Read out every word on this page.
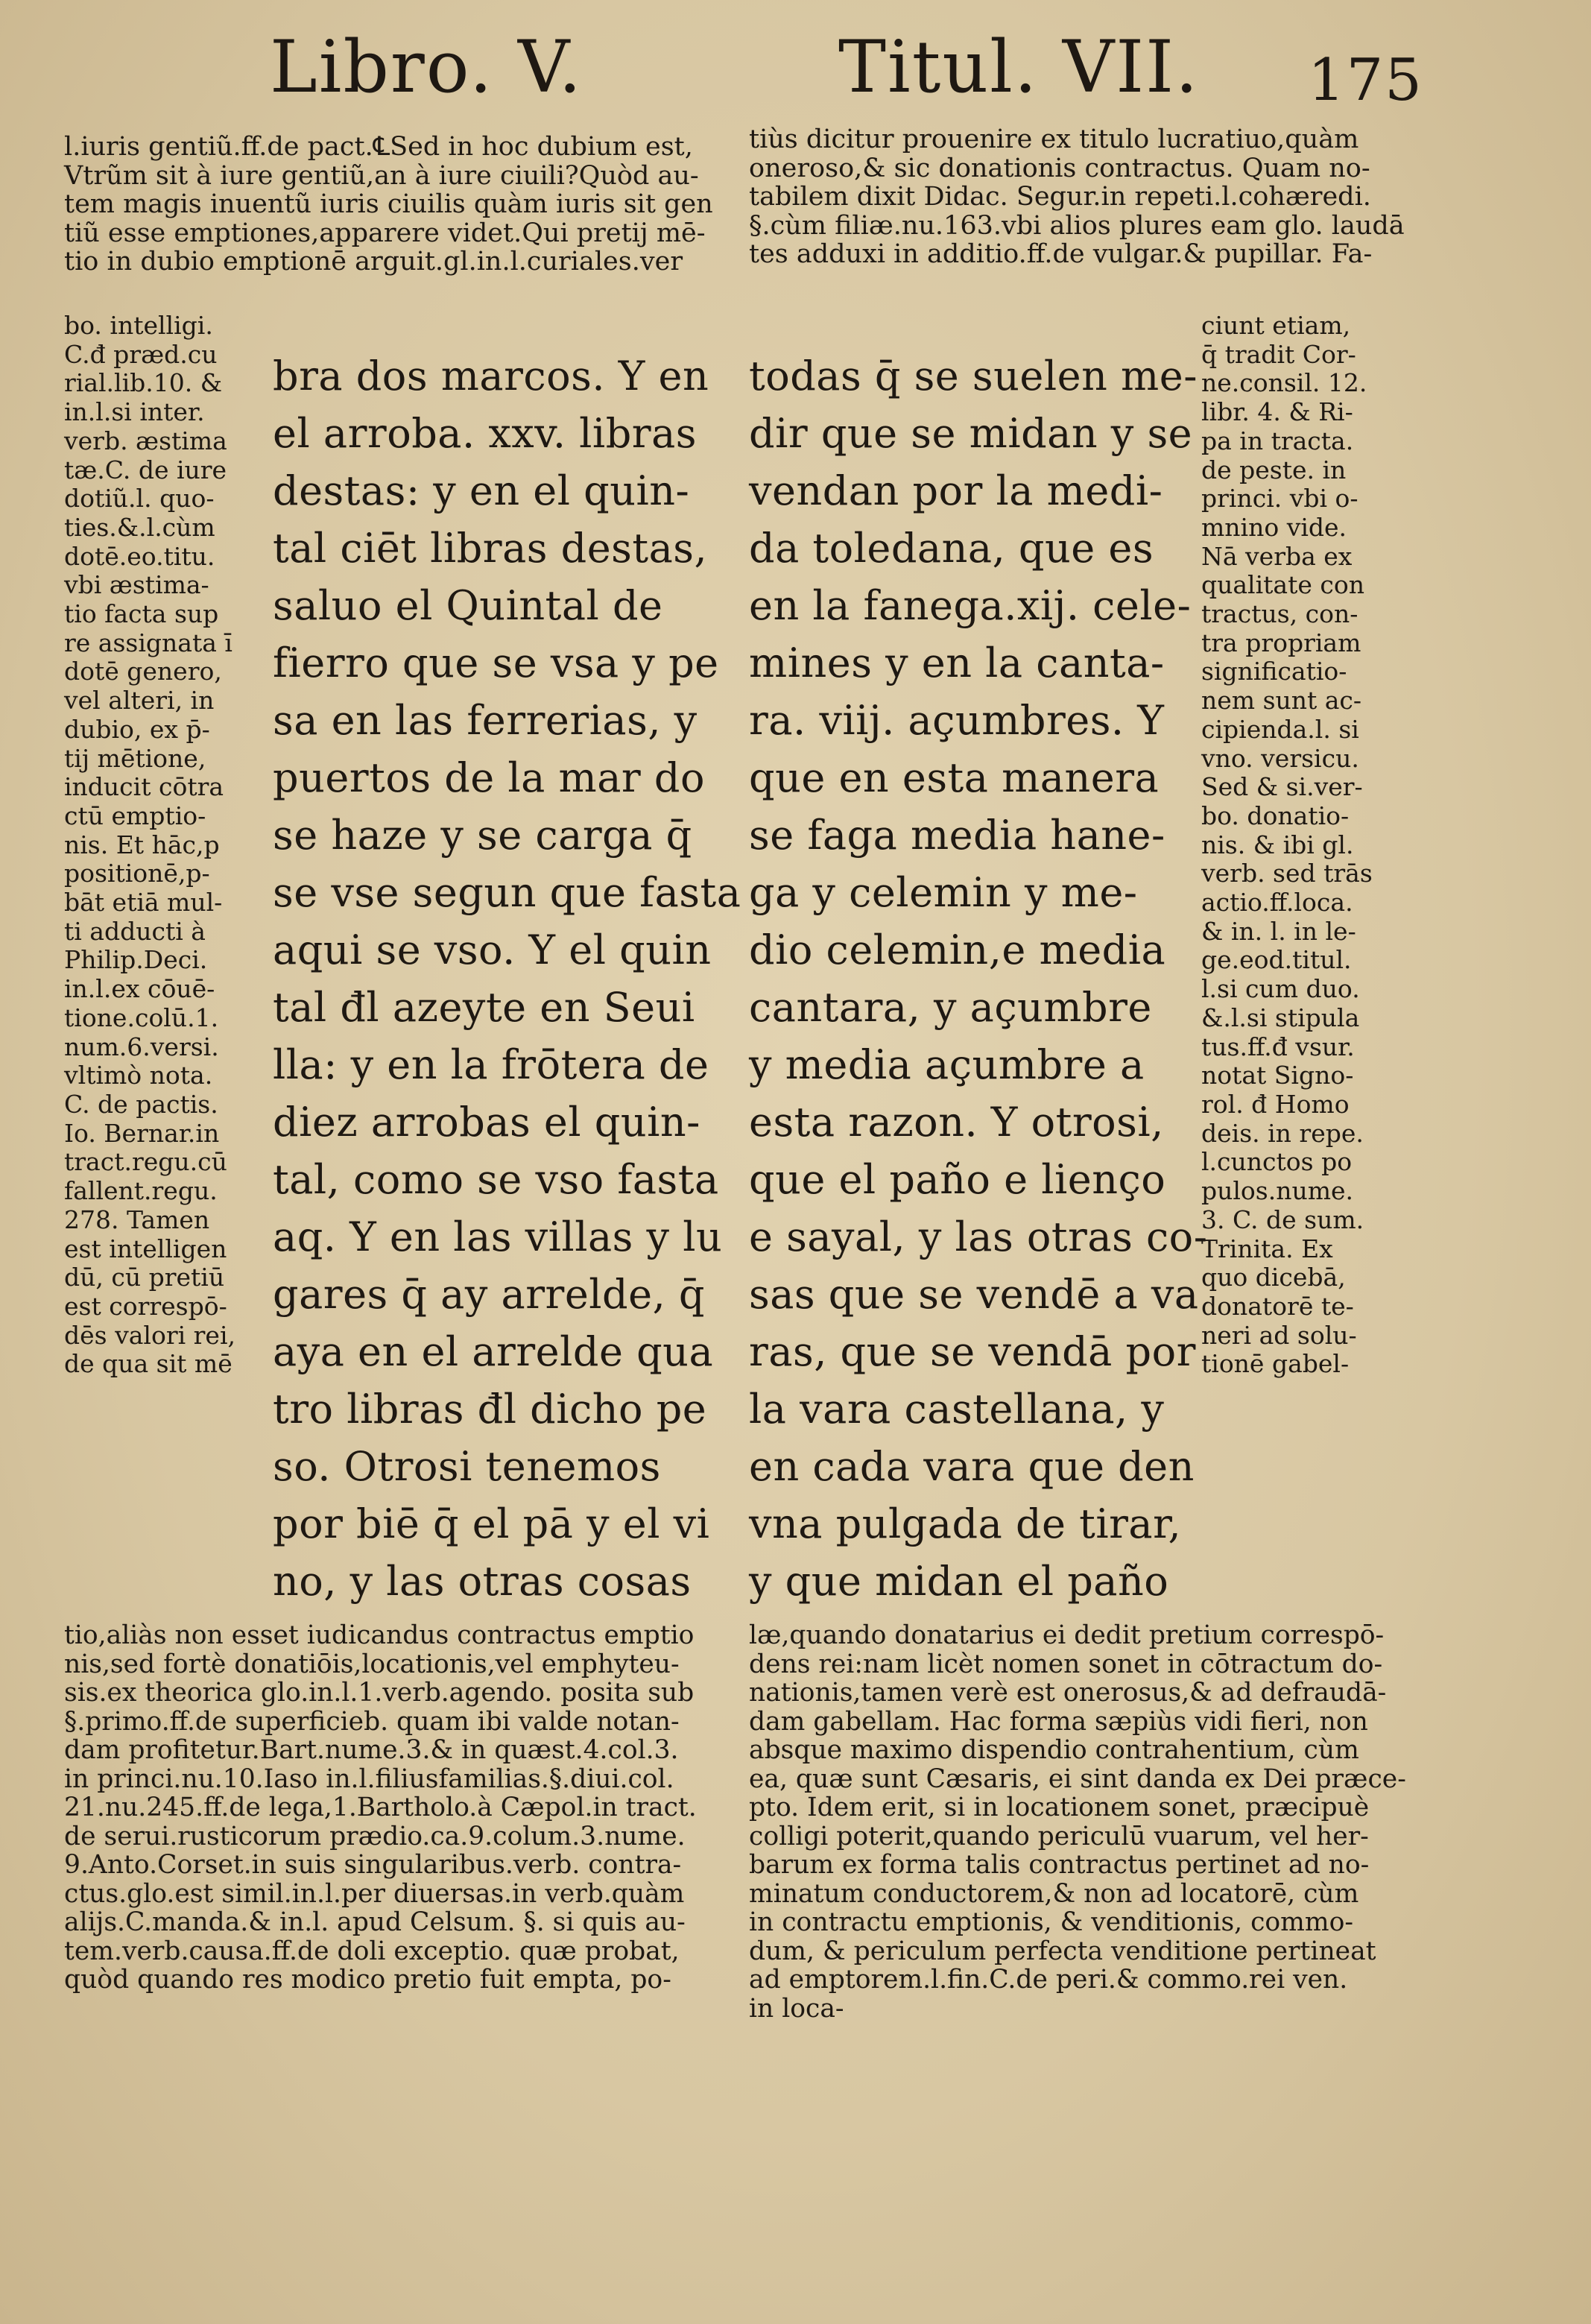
Libro. V.	Titul. VII. 175
l.iuris gentiũ.ff.de pact.℄Sed in hoc dubium est,
Vtrũm sit à iure gentiũ,an à iure ciuili?Quòd au-
tem magis inuentũ iuris ciuilis quàm iuris sit gen
tiũ esse emptiones,apparere videt.Qui pretij mē-
tio in dubio emptionē arguit.gl.in.l.curiales.ver
tiùs dicitur prouenire ex titulo lucratiuo,quàm
oneroso,& sic donationis contractus. Quam no-
tabilem dixit Didac. Segur.in repeti.l.cohæredi.
§.cùm filiæ.nu.163.vbi alios plures eam glo. laudā
tes adduxi in additio.ff.de vulgar.& pupillar. Fa-
bo. intelligi.
C.đ præd.cu
rial.lib.10. &
in.l.si inter.
verb. æstima
tæ.C. de iure
dotiũ.l. quo-
ties.&.l.cùm
dotē.eo.titu.
vbi æstima-
tio facta sup
re assignata ī
dotē genero,
vel alteri, in
dubio, ex p̄-
tij mētione,
inducit cōtra
ctū emptio-
nis. Et hāc,p
positionē,p-
bāt etiā mul-
ti adducti à
Philip.Deci.
in.l.ex cōuē-
tione.colū.1.
num.6.versi.
vltimò nota.
C. de pactis.
Io. Bernar.in
tract.regu.cū
fallent.regu.
278. Tamen
est intelligen
dū, cū pretiū
est correspō-
dēs valori rei,
de qua sit mē
bra dos marcos. Y en
el arroba. xxv. libras
destas: y en el quin-
tal ciēt libras destas,
saluo el Quintal de
fierro que se vsa y pe
sa en las ferrerias, y
puertos de la mar do
se haze y se carga q̄
se vse segun que fasta
aqui se vso. Y el quin
tal đl azeyte en Seui
lla: y en la frōtera de
diez arrobas el quin-
tal, como se vso fasta
aq. Y en las villas y lu
gares q̄ ay arrelde, q̄
aya en el arrelde qua
tro libras đl dicho pe
so. Otrosi tenemos
por biē q̄ el pā y el vi
no, y las otras cosas
todas q̄ se suelen me-
dir que se midan y se
vendan por la medi-
da toledana, que es
en la fanega.xij. cele-
mines y en la canta-
ra. viij. açumbres. Y
que en esta manera
se faga media hane-
ga y celemin y me-
dio celemin,e media
cantara, y açumbre
y media açumbre a
esta razon. Y otrosi,
que el paño e lienço
e sayal, y las otras co-
sas que se vendē a va
ras, que se vendā por
la vara castellana, y
en cada vara que den
vna pulgada de tirar,
y que midan el paño
ciunt etiam,
q̄ tradit Cor-
ne.consil. 12.
libr. 4. & Ri-
pa in tracta.
de peste. in
princi. vbi o-
mnino vide.
Nā verba ex
qualitate con
tractus, con-
tra propriam
significatio-
nem sunt ac-
cipienda.l. si
vno. versicu.
Sed & si.ver-
bo. donatio-
nis. & ibi gl.
verb. sed trās
actio.ff.loca.
& in. l. in le-
ge.eod.titul.
l.si cum duo.
&.l.si stipula
tus.ff.đ vsur.
notat Signo-
rol. đ Homo
deis. in repe.
l.cunctos po
pulos.nume.
3. C. de sum.
Trinita. Ex
quo dicebā,
donatorē te-
neri ad solu-
tionē gabel-
tio,aliàs non esset iudicandus contractus emptio
nis,sed fortè donatiōis,locationis,vel emphyteu-
sis.ex theorica glo.in.l.1.verb.agendo. posita sub
§.primo.ff.de superficieb. quam ibi valde notan-
dam profitetur.Bart.nume.3.& in quæst.4.col.3.
in princi.nu.10.Iaso in.l.filiusfamilias.§.diui.col.
21.nu.245.ff.de lega,1.Bartholo.à Cæpol.in tract.
de serui.rusticorum prædio.ca.9.colum.3.nume.
9.Anto.Corset.in suis singularibus.verb. contra-
ctus.glo.est simil.in.l.per diuersas.in verb.quàm
alijs.C.manda.& in.l. apud Celsum. §. si quis au-
tem.verb.causa.ff.de doli exceptio. quæ probat,
quòd quando res modico pretio fuit empta, po-
læ,quando donatarius ei dedit pretium correspō-
dens rei:nam licèt nomen sonet in cōtractum do-
nationis,tamen verè est onerosus,& ad defraudā-
dam gabellam. Hac forma sæpiùs vidi fieri, non
absque maximo dispendio contrahentium, cùm
ea, quæ sunt Cæsaris, ei sint danda ex Dei præce-
pto. Idem erit, si in locationem sonet, præcipuè
colligi poterit,quando periculū vuarum, vel her-
barum ex forma talis contractus pertinet ad no-
minatum conductorem,& non ad locatorē, cùm
in contractu emptionis, & venditionis, commo-
dum, & periculum perfecta venditione pertineat
ad emptorem.l.fin.C.de peri.& commo.rei ven.
in loca-
